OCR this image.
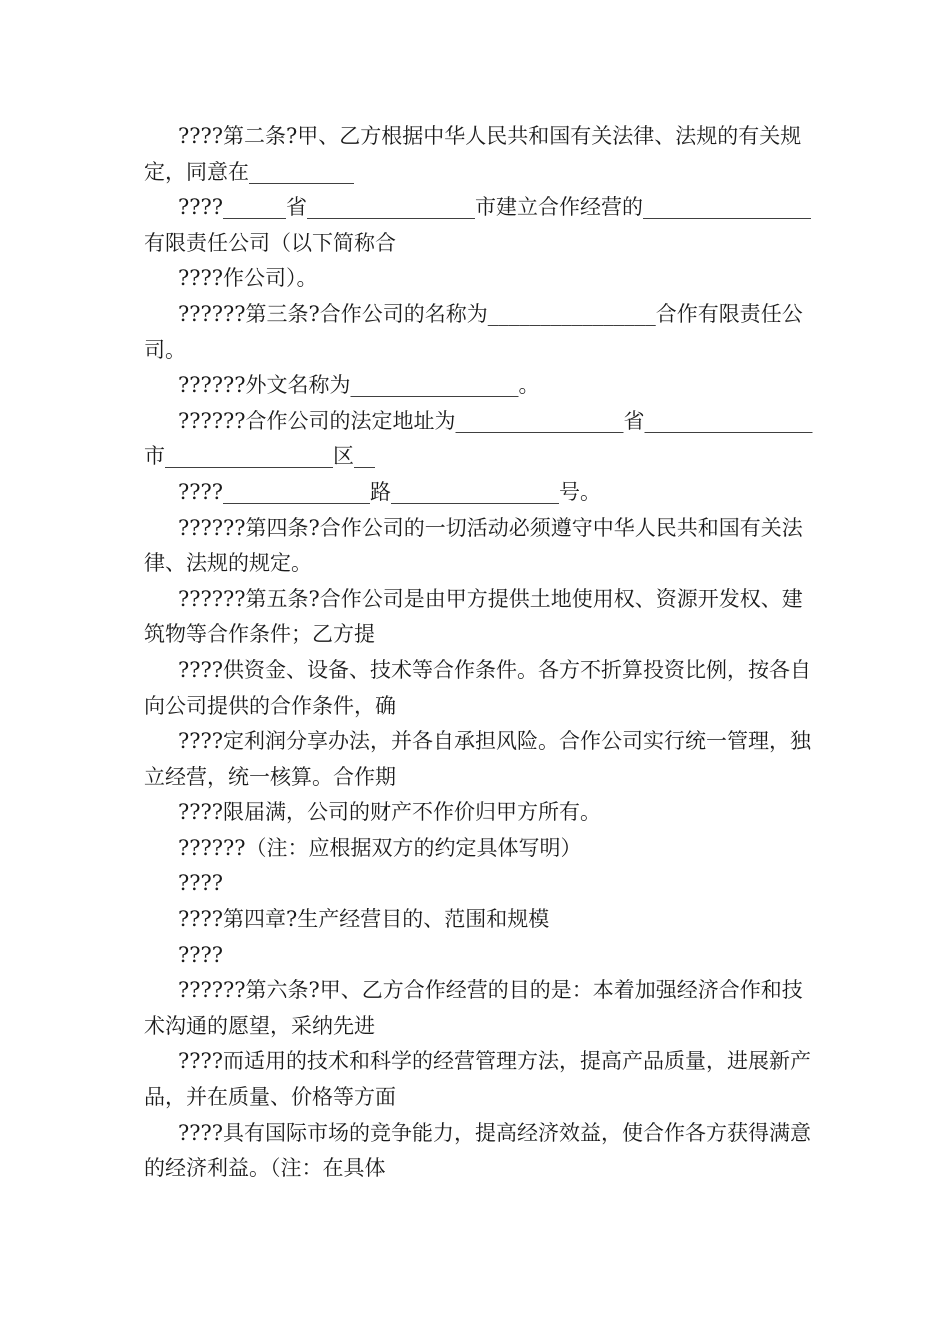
????第二条?甲、乙方根据中华人民共和国有关法律、法规的有关规定，同意在__________

????______省________________市建立合作经营的________________有限责任公司（以下简称合

????作公司）。

??????第三条?合作公司的名称为________________合作有限责任公司。

??????外文名称为________________。

??????合作公司的法定地址为________________省________________市________________区__

????______________路________________号。

??????第四条?合作公司的一切活动必须遵守中华人民共和国有关法律、法规的规定。

??????第五条?合作公司是由甲方提供土地使用权、资源开发权、建筑物等合作条件；乙方提

????供资金、设备、技术等合作条件。各方不折算投资比例，按各自向公司提供的合作条件，确

????定利润分享办法，并各自承担风险。合作公司实行统一管理，独立经营，统一核算。合作期

????限届满，公司的财产不作价归甲方所有。

??????（注：应根据双方的约定具体写明）

????

????第四章?生产经营目的、范围和规模

????

??????第六条?甲、乙方合作经营的目的是：本着加强经济合作和技术沟通的愿望，采纳先进

????而适用的技术和科学的经营管理方法，提高产品质量，进展新产品，并在质量、价格等方面

????具有国际市场的竞争能力，提高经济效益，使合作各方获得满意的经济利益。（注：在具体
